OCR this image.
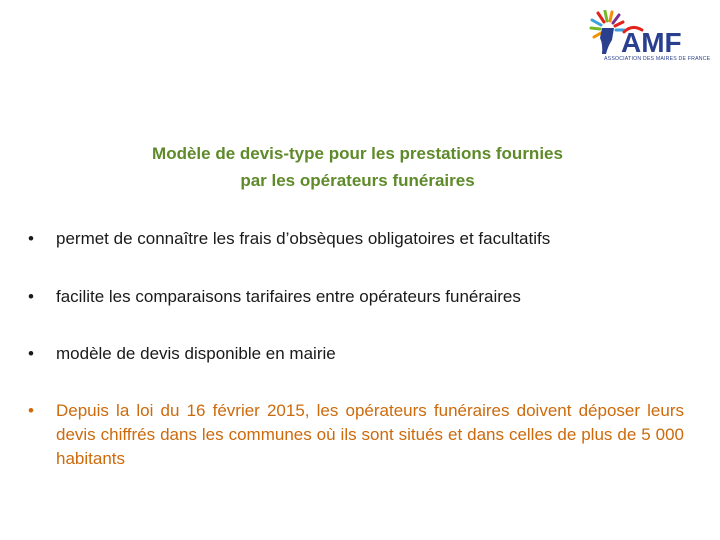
AMF
ASSOCIATION DES MAIRES DE FRANCE
Modèle de devis-type pour les prestations fournies
par les opérateurs funéraires
•	permet de connaître les frais d’obsèques obligatoires et facultatifs
•	facilite les comparaisons tarifaires entre opérateurs funéraires
•	modèle de devis disponible en mairie
•	Depuis la loi du 16 février 2015, les opérateurs funéraires doivent déposer leurs devis chiffrés dans les communes où ils sont situés et dans celles de plus de 5 000 habitants
